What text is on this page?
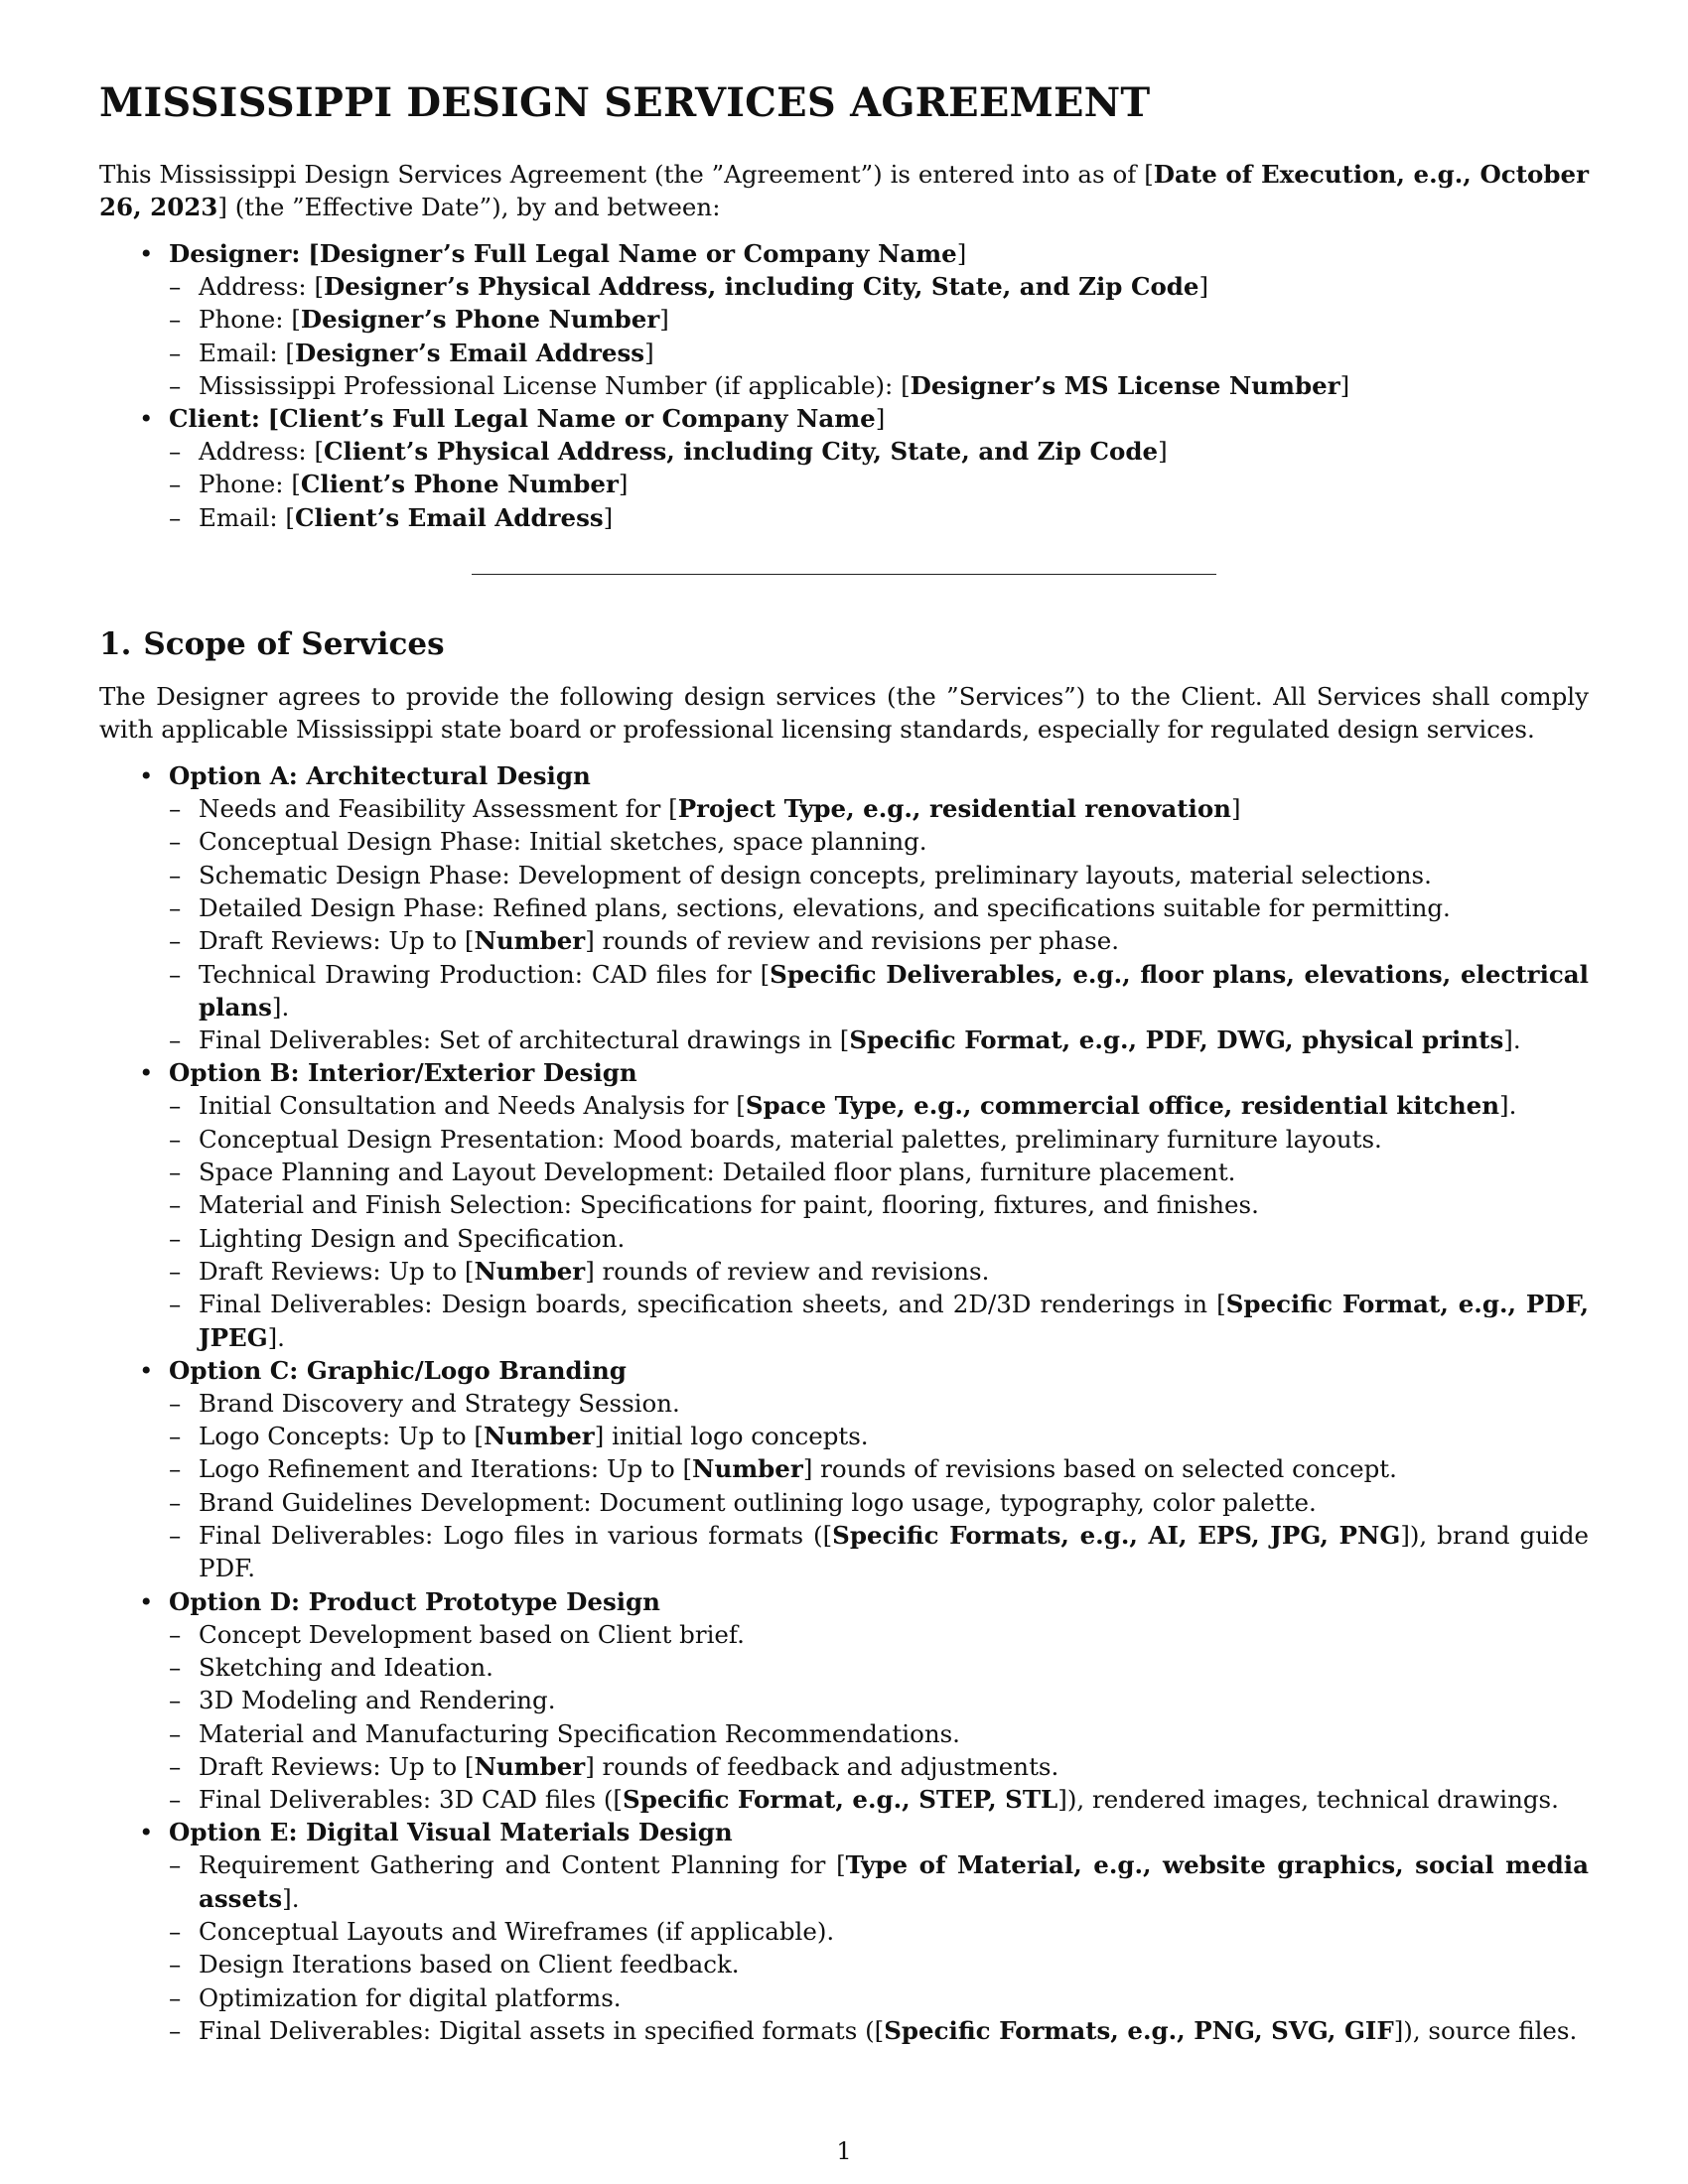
MISSISSIPPI DESIGN SERVICES AGREEMENT

This Mississippi Design Services Agreement (the ”Agreement”) is entered into as of [Date of Execution, e.g., October 26, 2023] (the ”Effective Date”), by and between:

• Designer: [Designer’s Full Legal Name or Company Name]
– Address: [Designer’s Physical Address, including City, State, and Zip Code]
– Phone: [Designer’s Phone Number]
– Email: [Designer’s Email Address]
– Mississippi Professional License Number (if applicable): [Designer’s MS License Number]
• Client: [Client’s Full Legal Name or Company Name]
– Address: [Client’s Physical Address, including City, State, and Zip Code]
– Phone: [Client’s Phone Number]
– Email: [Client’s Email Address]
1. Scope of Services

The Designer agrees to provide the following design services (the ”Services”) to the Client. All Services shall comply with applicable Mississippi state board or professional licensing standards, especially for regulated design services.

• Option A: Architectural Design
– Needs and Feasibility Assessment for [Project Type, e.g., residential renovation]
– Conceptual Design Phase: Initial sketches, space planning.
– Schematic Design Phase: Development of design concepts, preliminary layouts, material selections.
– Detailed Design Phase: Refined plans, sections, elevations, and specifications suitable for permitting.
– Draft Reviews: Up to [Number] rounds of review and revisions per phase.
– Technical Drawing Production: CAD files for [Specific Deliverables, e.g., floor plans, elevations, electrical plans].
– Final Deliverables: Set of architectural drawings in [Specific Format, e.g., PDF, DWG, physical prints].
• Option B: Interior/Exterior Design
– Initial Consultation and Needs Analysis for [Space Type, e.g., commercial office, residential kitchen].
– Conceptual Design Presentation: Mood boards, material palettes, preliminary furniture layouts.
– Space Planning and Layout Development: Detailed floor plans, furniture placement.
– Material and Finish Selection: Specifications for paint, flooring, fixtures, and finishes.
– Lighting Design and Specification.
– Draft Reviews: Up to [Number] rounds of review and revisions.
– Final Deliverables: Design boards, specification sheets, and 2D/3D renderings in [Specific Format, e.g., PDF, JPEG].
• Option C: Graphic/Logo Branding
– Brand Discovery and Strategy Session.
– Logo Concepts: Up to [Number] initial logo concepts.
– Logo Refinement and Iterations: Up to [Number] rounds of revisions based on selected concept.
– Brand Guidelines Development: Document outlining logo usage, typography, color palette.
– Final Deliverables: Logo files in various formats ([Specific Formats, e.g., AI, EPS, JPG, PNG]), brand guide PDF.
• Option D: Product Prototype Design
– Concept Development based on Client brief.
– Sketching and Ideation.
– 3D Modeling and Rendering.
– Material and Manufacturing Specification Recommendations.
– Draft Reviews: Up to [Number] rounds of feedback and adjustments.
– Final Deliverables: 3D CAD files ([Specific Format, e.g., STEP, STL]), rendered images, technical drawings.
• Option E: Digital Visual Materials Design
– Requirement Gathering and Content Planning for [Type of Material, e.g., website graphics, social media assets].
– Conceptual Layouts and Wireframes (if applicable).
– Design Iterations based on Client feedback.
– Optimization for digital platforms.
– Final Deliverables: Digital assets in specified formats ([Specific Formats, e.g., PNG, SVG, GIF]), source files.
1
